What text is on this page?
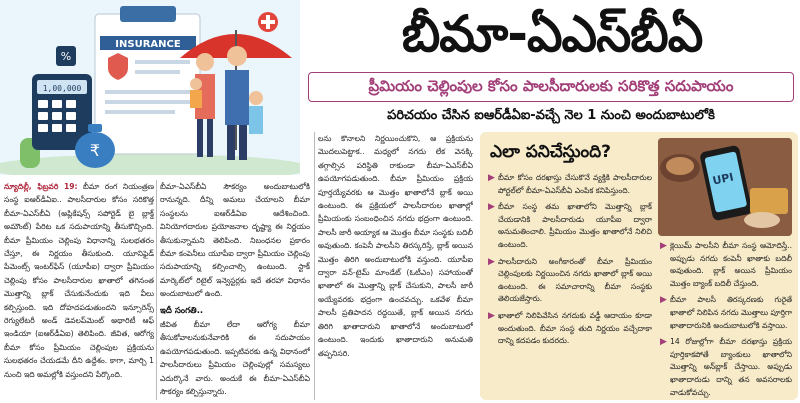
INSURANCE
1,00,000
%
₹
బీమా-ఏఎస్‌బీఏ
ప్రీమియం చెల్లింపుల కోసం పాలసీదారులకు సరికొత్త సదుపాయం
పరిచయం చేసిన ఐఆర్‌డీఏఐ-వచ్చే నెల 1 నుంచి అందుబాటులోకి

న్యూదిల్లీ, ఫిబ్రవరి 19: బీమా రంగ నియంత్రణ సంస్థ ఐఆర్‌డీఏఐ.. పాలసీదారుల కోసం సరికొత్త బీమా-ఏఎస్‌బీఏ (అప్లికేషన్స్ సపోర్టెడ్ బై బ్లాక్డ్ అమౌంట్) పేరిట ఒక సదుపాయాన్ని తీసుకొచ్చింది. బీమా ప్రీమియం చెల్లింపు విధానాన్ని సులభతరం చేస్తూ, ఈ నిర్ణయం తీసుకుంది. యూనిఫైడ్ పేమెంట్స్ ఇంటర్‌ఫేస్ (యూపీఐ) ద్వారా ప్రీమియం చెల్లింపు కోసం పాలసీదారుల ఖాతాలో తగినంత మొత్తాన్ని బ్లాక్ చేసుకునేందుకు ఇది వీలు కల్పిస్తుంది. ఇది దోహదపడుతుందని ఇన్సూరెన్స్ రెగ్యులేటరీ అండ్ డెవలప్‌మెంట్ అథారిటీ ఆఫ్ ఇండియా (ఐఆర్‌డీఏఐ) తెలిపింది. జీవిత, ఆరోగ్య బీమా కోసం ప్రీమియం చెల్లింపుల ప్రక్రియను సులభతరం చేయడమే దీని ఉద్దేశం. కాగా, మార్చి 1 నుంచి ఇది అమల్లోకి వస్తుందని పేర్కొంది.

బీమా-ఏఎస్‌బీఏ సౌకర్యం అందుబాటులోకి రానున్నది. దీన్ని అమలు చేయాలని బీమా సంస్థలను ఐఆర్‌డీఏఐ ఆదేశించింది. వినియోగదారుల ప్రయోజనాల దృష్ట్యా ఈ నిర్ణయం తీసుకున్నామని తెలిపింది. నిబంధనల ప్రకారం బీమా కంపెనీలు యూపీఐ ద్వారా ప్రీమియం చెల్లింపు సదుపాయాన్ని కల్పించాల్సి ఉంటుంది. స్టాక్ మార్కెట్‌లో రిటైల్ ఇన్వెస్టర్లకు ఇదే తరహా విధానం అందుబాటులో ఉంది.

ఇదీ సంగతి..

జీవిత బీమా లేదా ఆరోగ్య బీమా తీసుకోవాలనుకునేవారికి ఈ సదుపాయం ఉపయోగపడుతుంది. ఇప్పటివరకు ఉన్న విధానంలో పాలసీదారులు ప్రీమియం చెల్లింపుల్లో సమస్యలు ఎదుర్కొనే వారు. అందుకే ఈ బీమా-ఏఎస్‌బీఏ సౌకర్యం కల్పిస్తున్నారు.

లను కొనాలని నిర్ణయించుకొని, ఆ ప్రక్రియను మొదలుపెట్టాక.. మధ్యలో నగదు లేక వెనక్కి తగ్గాల్సిన పరిస్థితి రాకుండా బీమా-ఏఎస్‌బీఏ ఉపయోగపడుతుంది. బీమా ప్రీమియం ప్రక్రియ పూర్తయ్యేవరకు ఆ మొత్తం ఖాతాలోనే బ్లాక్ అయి ఉంటుంది. ఈ ప్రక్రియలో పాలసీదారుల ఖాతాల్లో ప్రీమియంకు సంబంధించిన నగదు భద్రంగా ఉంటుంది. పాలసీ జారీ అయ్యాక ఆ మొత్తం బీమా సంస్థకు బదిలీ అవుతుంది. కంపెనీ పాలసీని తిరస్కరిస్తే, బ్లాక్ అయిన మొత్తం తిరిగి అందుబాటులోకి వస్తుంది. యూపీఐ ద్వారా వన్-టైమ్ మాండేట్ (ఓటీఎం) సహాయంతో ఖాతాలో ఈ మొత్తాన్ని బ్లాక్ చేసుకుని, పాలసీ జారీ అయ్యేవరకు భద్రంగా ఉంచవచ్చు. ఒకవేళ బీమా పాలసీ ప్రతిపాదన రద్దయితే, బ్లాక్ అయిన నగదు తిరిగి ఖాతాదారుని ఖాతాలోనే అందుబాటులో ఉంటుంది. ఇందుకు ఖాతాదారుని అనుమతి తప్పనిసరి.

ఎలా పనిచేస్తుంది?
UPI
▶ బీమా కోసం దరఖాస్తు చేసుకొనే వ్యక్తికి పాలసీదారుల పోర్టల్‌లో బీమా-ఏఎస్‌బీఏ ఎంపిక కనిపిస్తుంది.
▶ బీమా సంస్థ తమ ఖాతాలోని మొత్తాన్ని బ్లాక్ చేయడానికి పాలసీదారుడు యూపీఐ ద్వారా అనుమతించాలి. ప్రీమియం మొత్తం ఖాతాలోనే నిలిచి ఉంటుంది.
▶ పాలసీదారుని అంగీకారంతో బీమా ప్రీమియం చెల్లింపులకు నిర్ణయించిన నగదు ఖాతాలో బ్లాక్ అయి ఉంటుంది. ఈ సమాచారాన్ని బీమా సంస్థకు తెలియజేస్తారు.
▶ ఖాతాలో నిలిపివేసిన నగదుకు వడ్డీ ఆదాయం కూడా అందుతుంది. బీమా సంస్థ తుది నిర్ణయం వచ్చేదాకా దాన్ని కదపడం కుదరదు.
▶ క్లెయిమ్ పాలసీని బీమా సంస్థ ఆమోదిస్తే.. అప్పుడు నగదు కంపెనీ ఖాతాకు బదిలీ అవుతుంది. బ్లాక్ అయిన ప్రీమియం మొత్తం బ్యాంక్ బదిలీ చేస్తుంది.
▶ బీమా పాలసీ తిరస్కరణకు గురైతే ఖాతాలో నిలిపిన నగదు మొత్తాలు పూర్తిగా ఖాతాదారునికి అందుబాటులోకి వస్తాయి.
▶ 14 రోజుల్లోగా బీమా దరఖాస్తు ప్రక్రియ పూర్తికాకపోతే బ్యాంకులు ఖాతాలోని మొత్తాన్ని అన్‌బ్లాక్ చేస్తాయి. అప్పుడు ఖాతాదారుడు దాన్ని తన అవసరాలకు వాడుకోవచ్చు.
